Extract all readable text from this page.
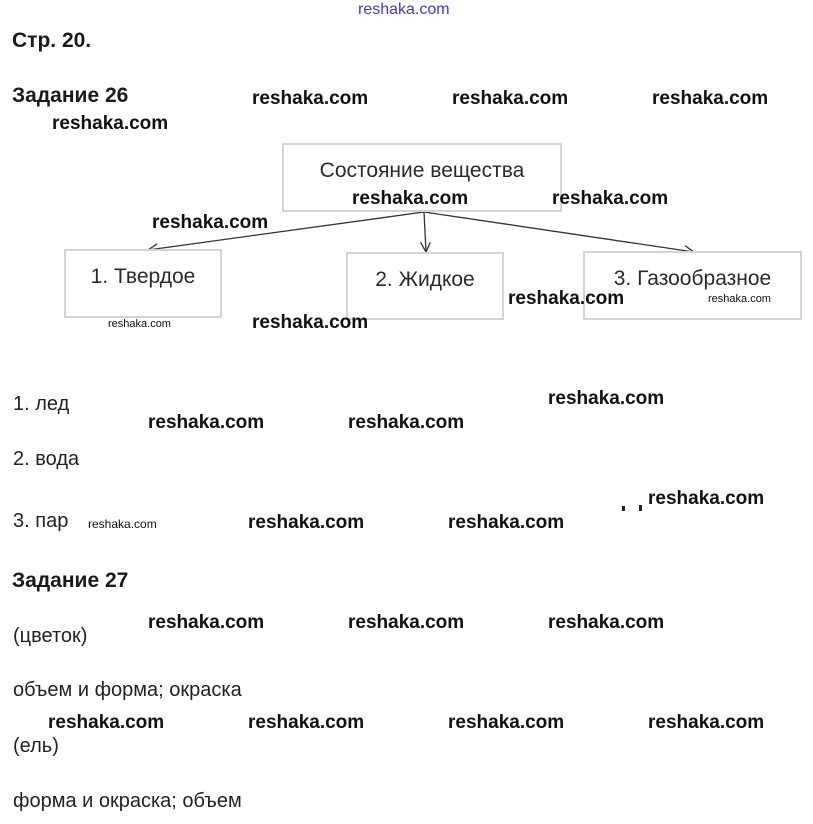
reshaka.com
Стр. 20.
Задание 26
Состояние вещества
1. Твердое	2. Жидкое	3. Газообразное
1. лед
2. вода
3. пар
Задание 27
(цветок)
объем и форма; окраска
(ель)
форма и окраска; объем
reshaka.com	reshaka.com	reshaka.com
reshaka.com
reshaka.com	reshaka.com
reshaka.com
reshaka.com
reshaka.com
reshaka.com
reshaka.com	reshaka.com
reshaka.com
reshaka.com	reshaka.com
reshaka.com	reshaka.com	reshaka.com
reshaka.com	reshaka.com	reshaka.com	reshaka.com
reshaka.com
reshaka.com
reshaka.com
